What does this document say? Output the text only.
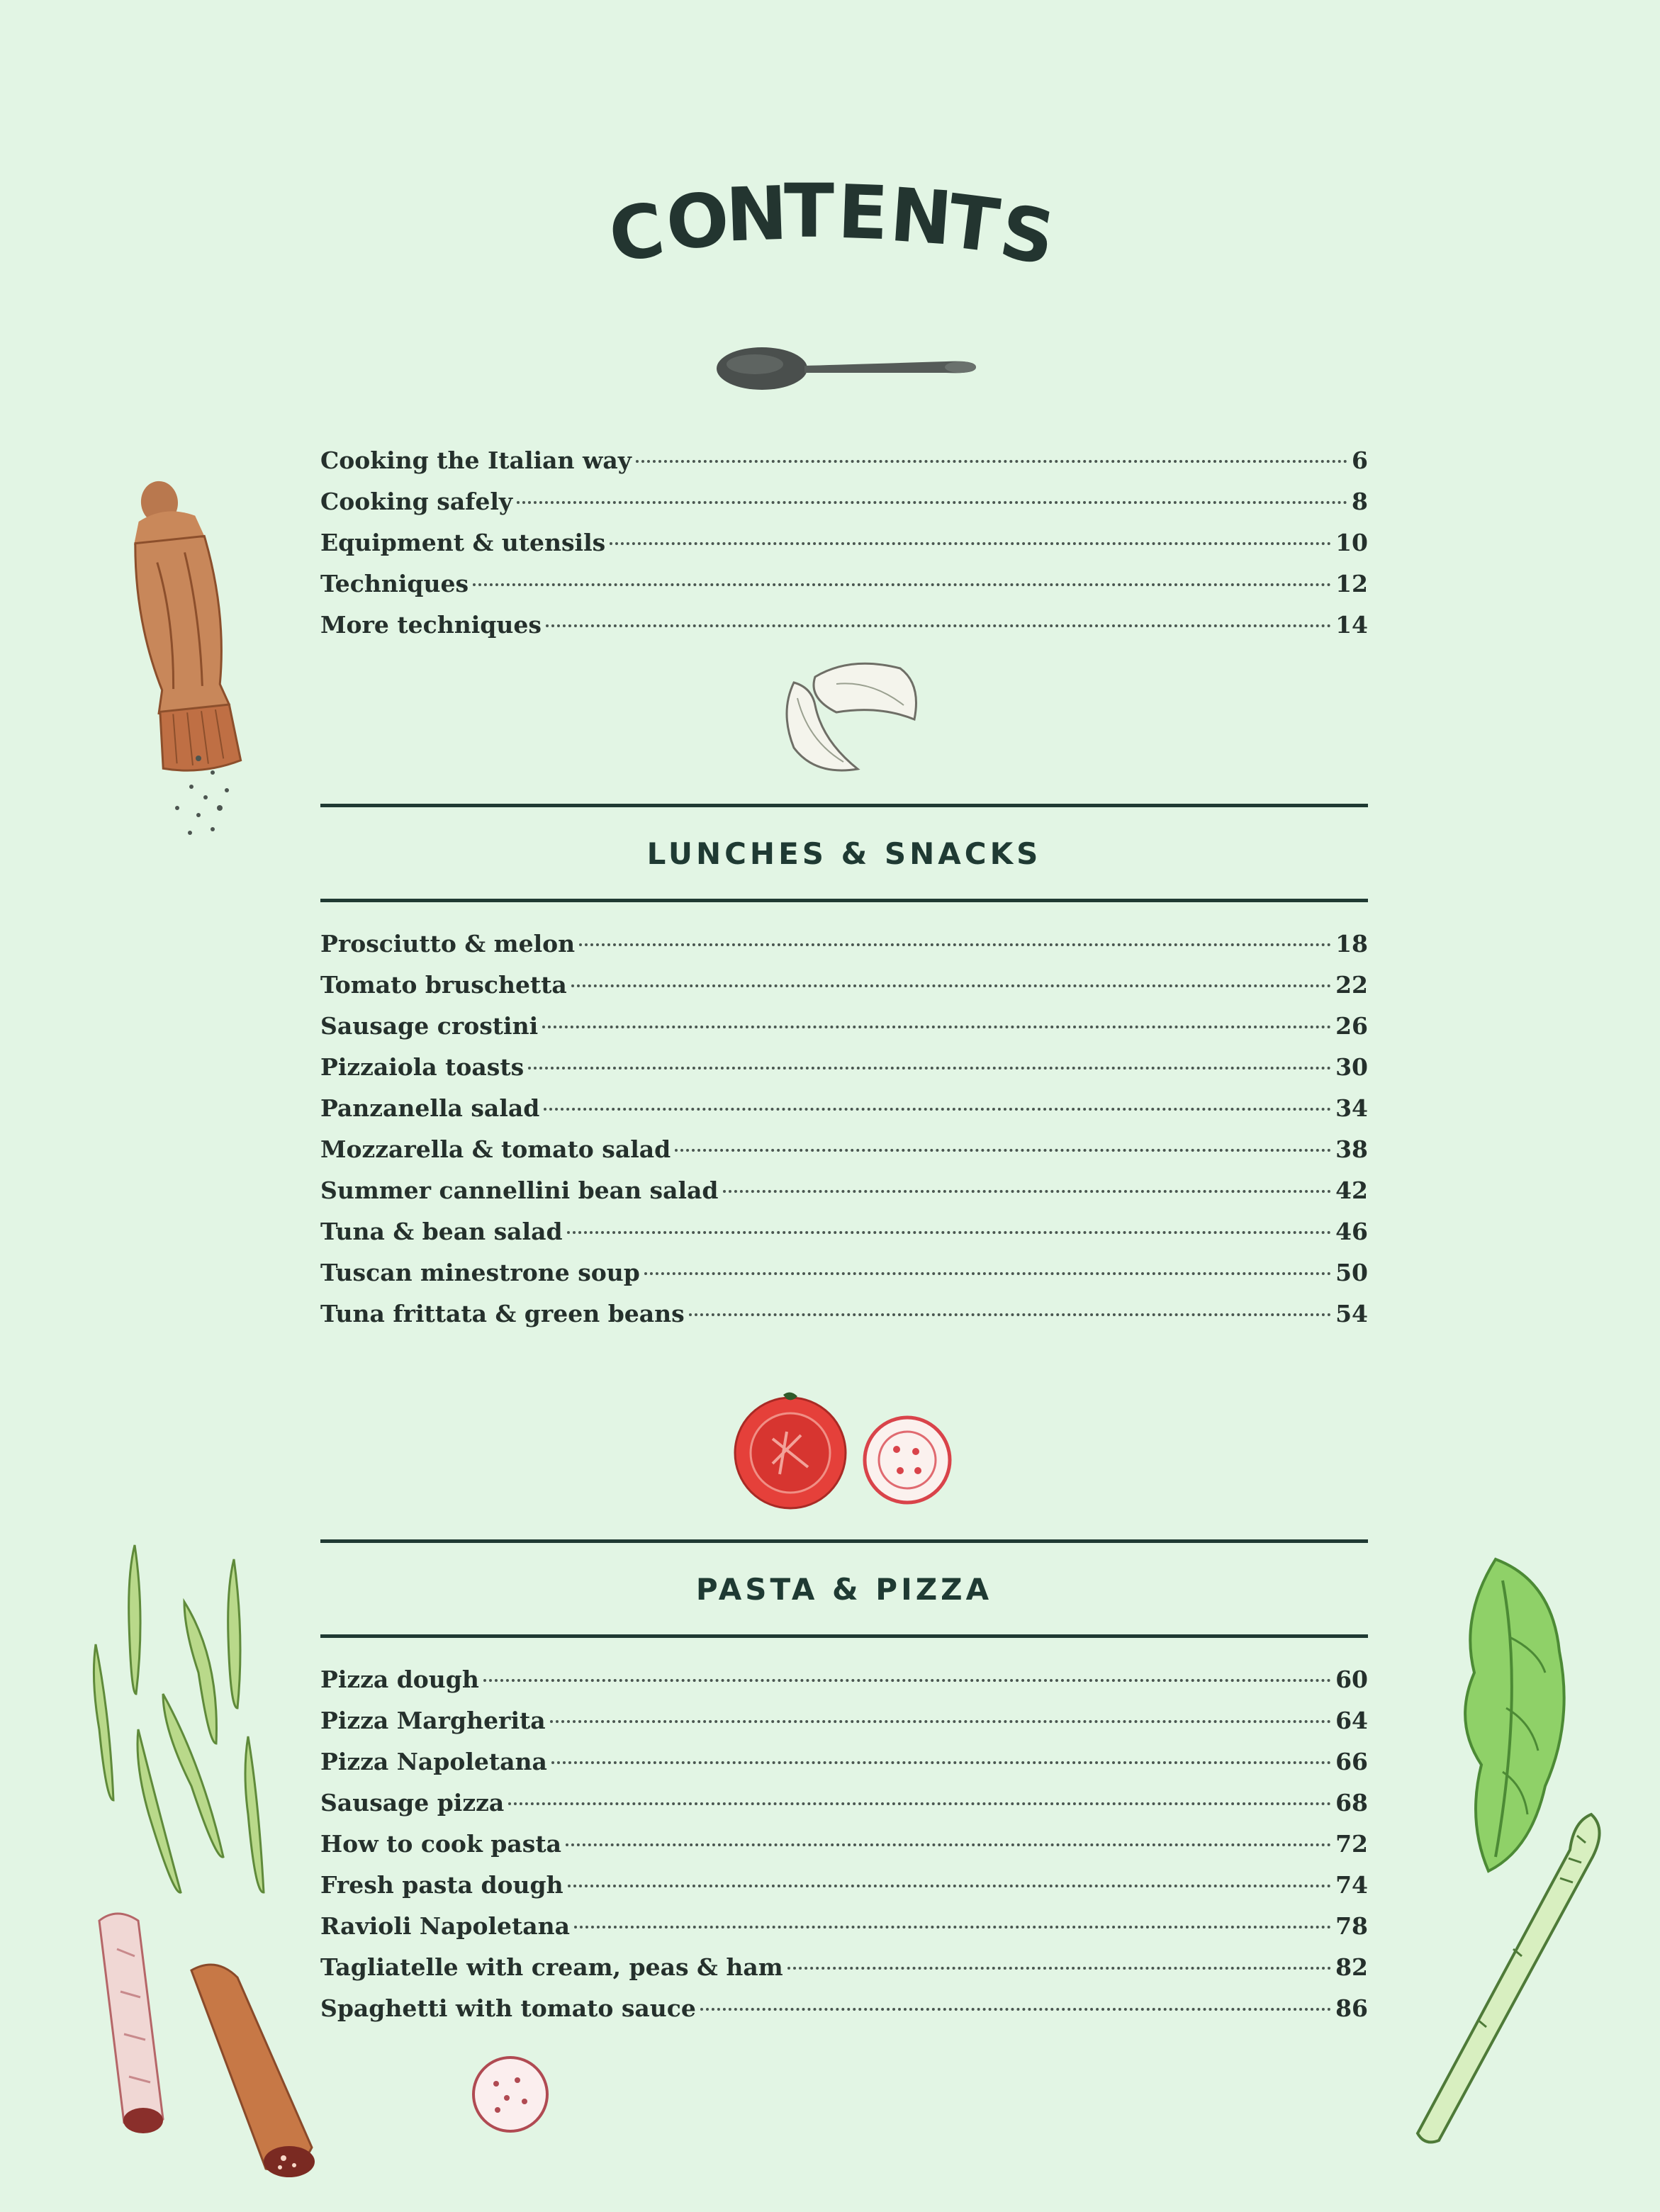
C
O
N
T
E
N
T
S
Cooking the Italian way	6
Cooking safely	8
Equipment & utensils	10
Techniques	12
More techniques	14
LUNCHES & SNACKS
Prosciutto & melon	18
Tomato bruschetta	22
Sausage crostini	26
Pizzaiola toasts	30
Panzanella salad	34
Mozzarella & tomato salad	38
Summer cannellini bean salad	42
Tuna & bean salad	46
Tuscan minestrone soup	50
Tuna frittata & green beans	54
PASTA & PIZZA
Pizza dough	60
Pizza Margherita	64
Pizza Napoletana	66
Sausage pizza	68
How to cook pasta	72
Fresh pasta dough	74
Ravioli Napoletana	78
Tagliatelle with cream, peas & ham	82
Spaghetti with tomato sauce	86
